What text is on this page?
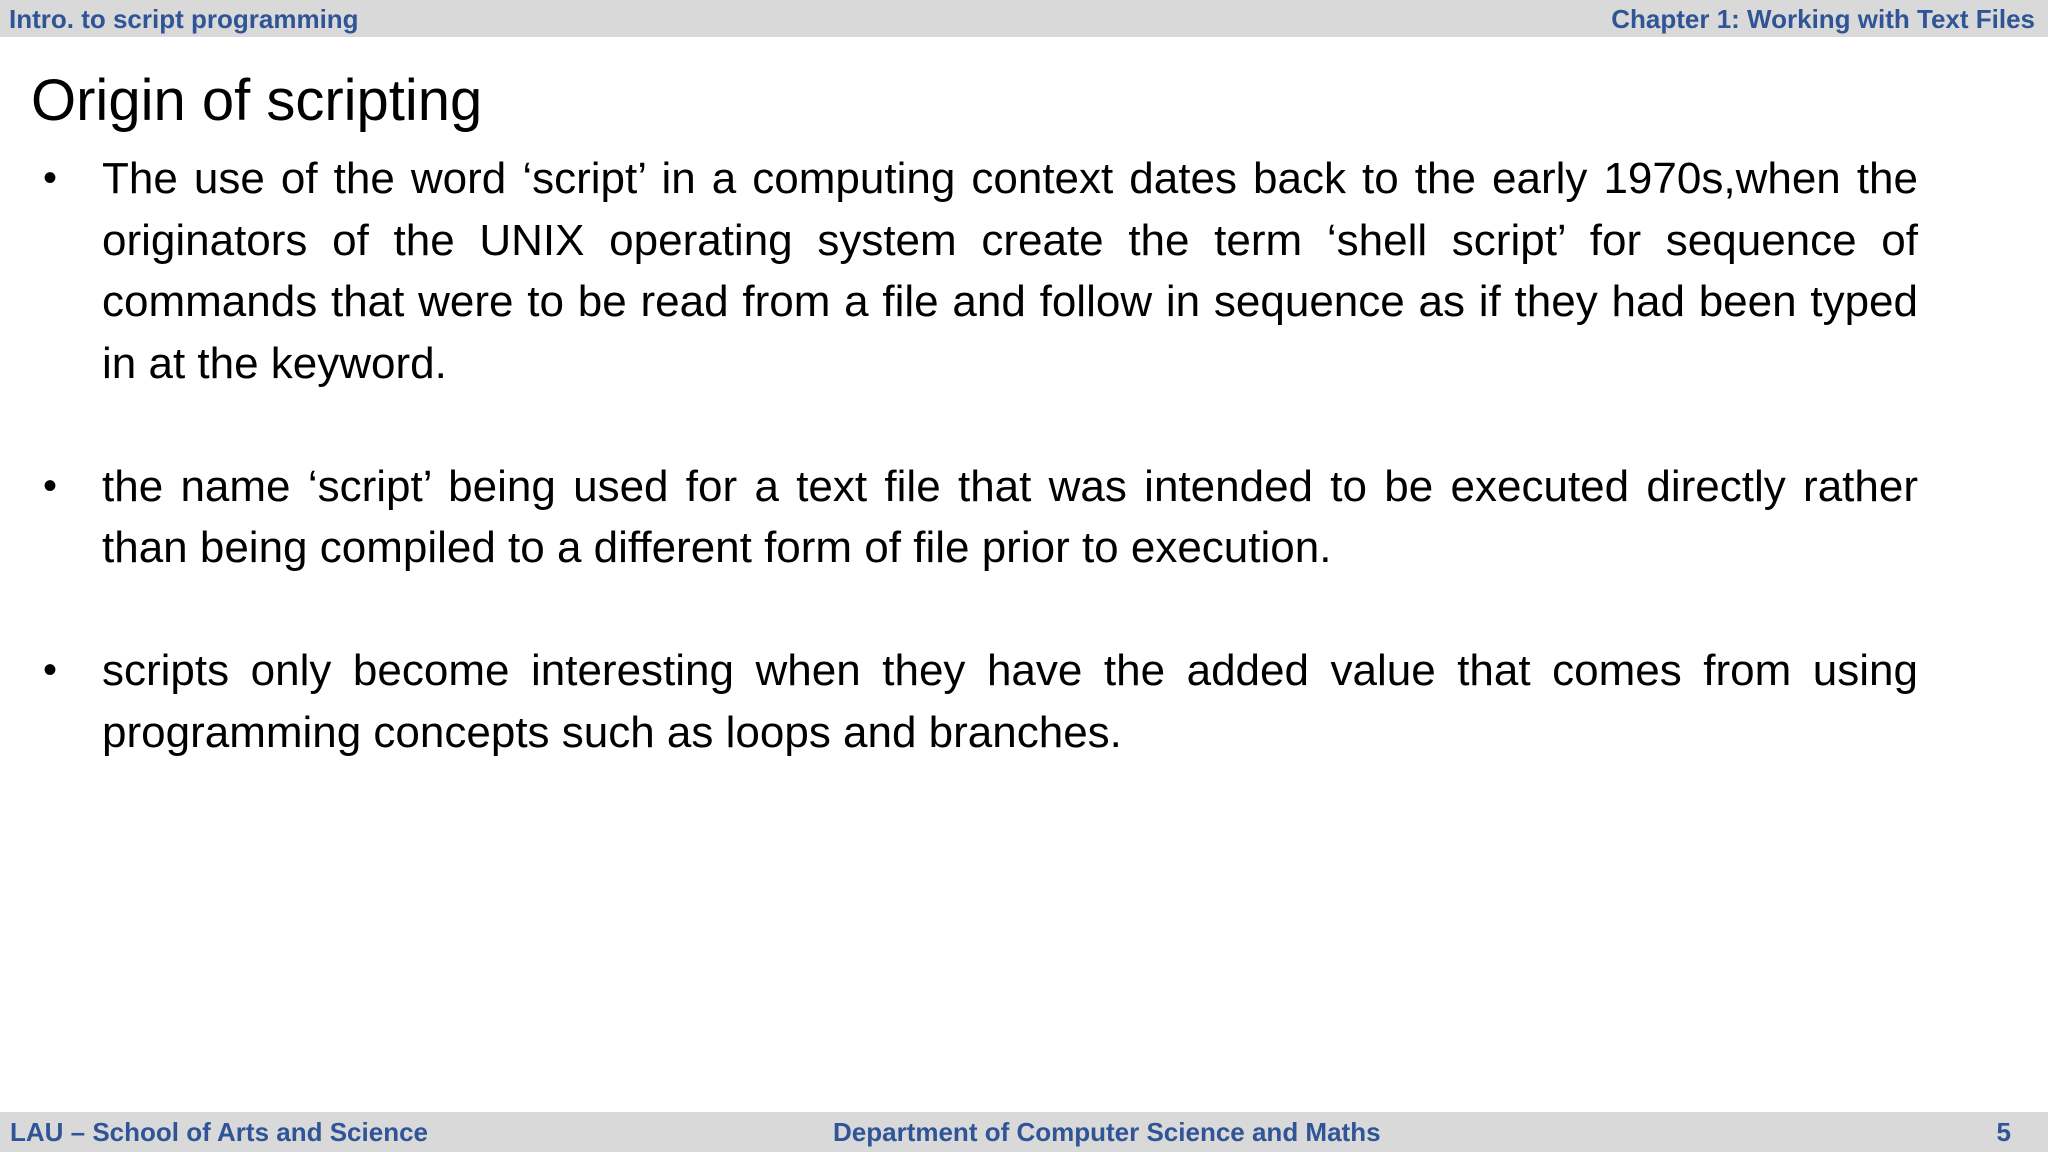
Intro. to script programming	Chapter 1: Working with Text Files
Origin of scripting
• The use of the word ‘script’ in a computing context dates back to the early 1970s,when the originators of the UNIX operating system create the term ‘shell script’ for sequence of commands that were to be read from a file and follow in sequence as if they had been typed in at the keyword.
• the name ‘script’ being used for a text file that was intended to be executed directly rather than being compiled to a different form of file prior to execution.
• scripts only become interesting when they have the added value that comes from using programming concepts such as loops and branches.
LAU – School of Arts and Science	Department of Computer Science and Maths	5
